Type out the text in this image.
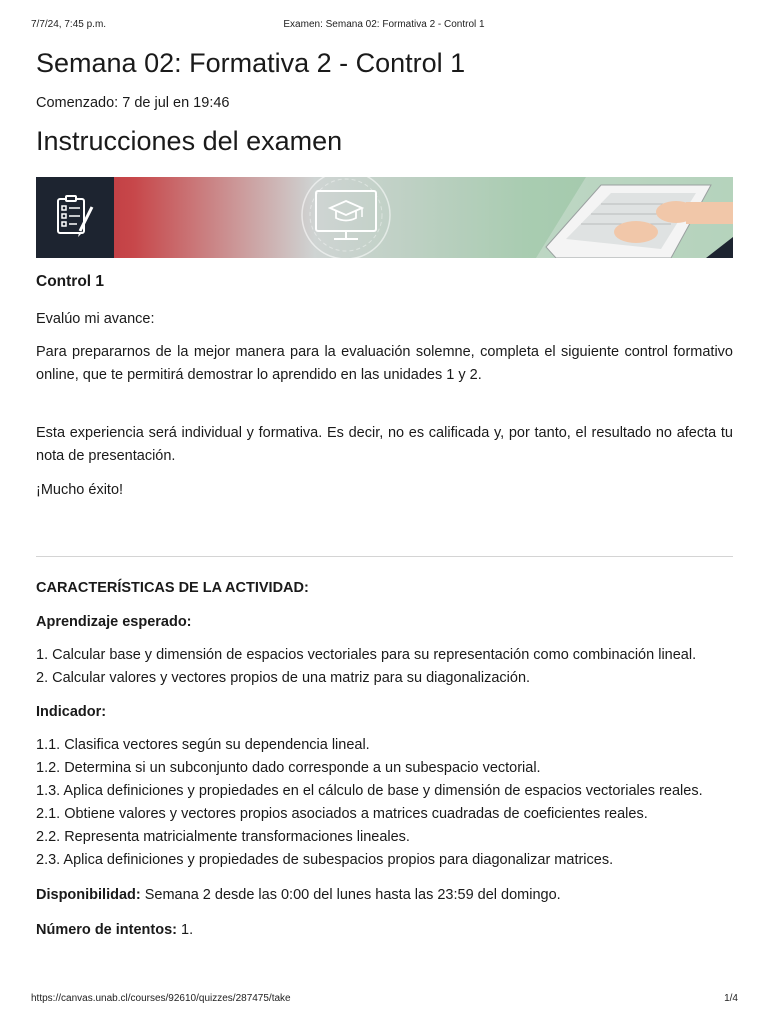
7/7/24, 7:45 p.m.	Examen: Semana 02: Formativa 2 - Control 1
Semana 02: Formativa 2 - Control 1
Comenzado: 7 de jul en 19:46
Instrucciones del examen
Control 1

Evalúo mi avance:

Para prepararnos de la mejor manera para la evaluación solemne, completa el siguiente control formativo online, que te permitirá demostrar lo aprendido en las unidades 1 y 2.

Esta experiencia será individual y formativa. Es decir, no es calificada y, por tanto, el resultado no afecta tu nota de presentación.

¡Mucho éxito!

CARACTERÍSTICAS DE LA ACTIVIDAD:

Aprendizaje esperado:

1. Calcular base y dimensión de espacios vectoriales para su representación como combinación lineal.
2. Calcular valores y vectores propios de una matriz para su diagonalización.

Indicador:

1.1. Clasifica vectores según su dependencia lineal.
1.2. Determina si un subconjunto dado corresponde a un subespacio vectorial.
1.3. Aplica definiciones y propiedades en el cálculo de base y dimensión de espacios vectoriales reales.
2.1. Obtiene valores y vectores propios asociados a matrices cuadradas de coeficientes reales.
2.2. Representa matricialmente transformaciones lineales.
2.3. Aplica definiciones y propiedades de subespacios propios para diagonalizar matrices.

Disponibilidad: Semana 2 desde las 0:00 del lunes hasta las 23:59 del domingo.

Número de intentos: 1.

https://canvas.unab.cl/courses/92610/quizzes/287475/take	1/4
